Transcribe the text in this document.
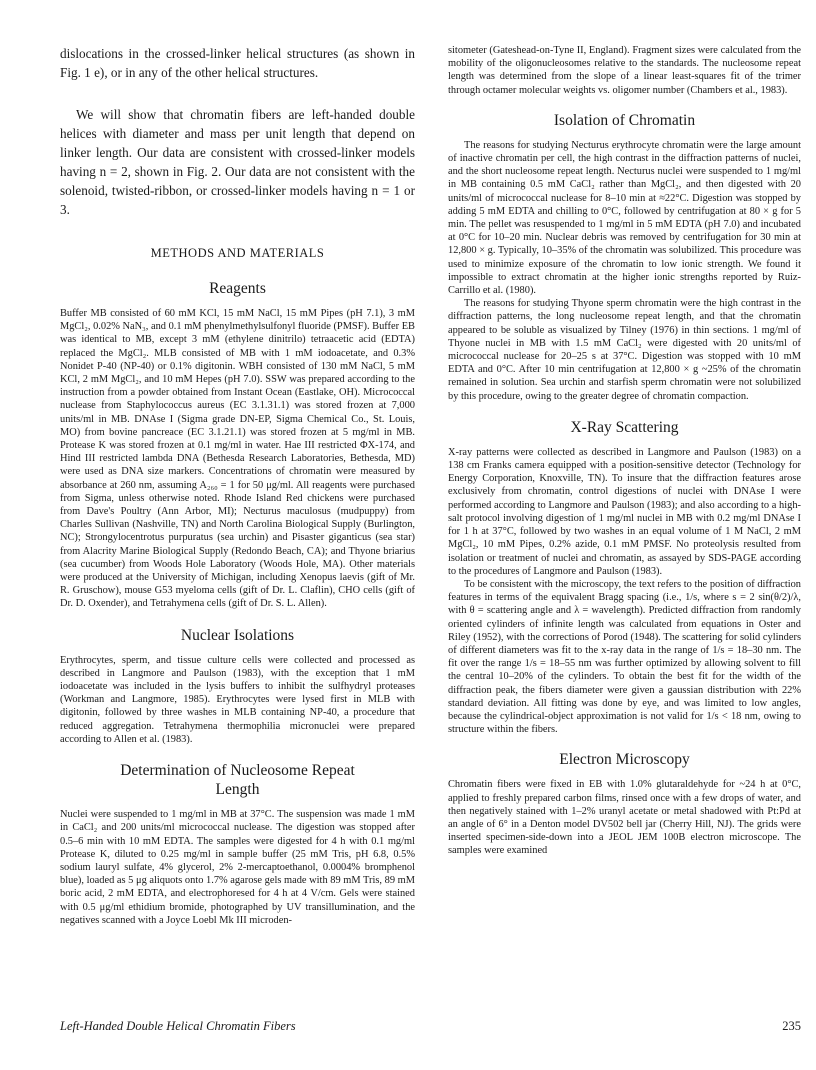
dislocations in the crossed-linker helical structures (as shown in Fig. 1 e), or in any of the other helical structures.

We will show that chromatin fibers are left-handed double helices with diameter and mass per unit length that depend on linker length. Our data are consistent with crossed-linker models having n = 2, shown in Fig. 2. Our data are not consistent with the solenoid, twisted-ribbon, or crossed-linker models having n = 1 or 3.

METHODS AND MATERIALS
Reagents

Buffer MB consisted of 60 mM KCl, 15 mM NaCl, 15 mM Pipes (pH 7.1), 3 mM MgCl₂, 0.02% NaN₃, and 0.1 mM phenylmethylsulfonyl fluoride (PMSF). Buffer EB was identical to MB, except 3 mM (ethylene dinitrilo) tetraacetic acid (EDTA) replaced the MgCl₂. MLB consisted of MB with 1 mM iodoacetate, and 0.3% Nonidet P-40 (NP-40) or 0.1% digitonin. WBH consisted of 130 mM NaCl, 5 mM KCl, 2 mM MgCl₂, and 10 mM Hepes (pH 7.0). SSW was prepared according to the instruction from a powder obtained from Instant Ocean (Eastlake, OH). Micrococcal nuclease from Staphylococcus aureus (EC 3.1.31.1) was stored frozen at 7,000 units/ml in MB. DNAse I (Sigma grade DN-EP, Sigma Chemical Co., St. Louis, MO) from bovine pancreace (EC 3.1.21.1) was stored frozen at 5 mg/ml in MB. Protease K was stored frozen at 0.1 mg/ml in water. Hae III restricted ΦX-174, and Hind III restricted lambda DNA (Bethesda Research Laboratories, Bethesda, MD) were used as DNA size markers. Concentrations of chromatin were measured by absorbance at 260 nm, assuming A₂₆₀ = 1 for 50 μg/ml. All reagents were purchased from Sigma, unless otherwise noted. Rhode Island Red chickens were purchased from Dave's Poultry (Ann Arbor, MI); Necturus maculosus (mudpuppy) from Charles Sullivan (Nashville, TN) and North Carolina Biological Supply (Burlington, NC); Strongylocentrotus purpuratus (sea urchin) and Pisaster giganticus (sea star) from Alacrity Marine Biological Supply (Redondo Beach, CA); and Thyone briarius (sea cucumber) from Woods Hole Laboratory (Woods Hole, MA). Other materials were produced at the University of Michigan, including Xenopus laevis (gift of Mr. R. Gruschow), mouse G53 myeloma cells (gift of Dr. L. Claflin), CHO cells (gift of Dr. D. Oxender), and Tetrahymena cells (gift of Dr. S. L. Allen).

Nuclear Isolations

Erythrocytes, sperm, and tissue culture cells were collected and processed as described in Langmore and Paulson (1983), with the exception that 1 mM iodoacetate was included in the lysis buffers to inhibit the sulfhydryl proteases (Workman and Langmore, 1985). Erythrocytes were lysed first in MLB with digitonin, followed by three washes in MLB containing NP-40, a procedure that reduced aggregation. Tetrahymena thermophilia micronuclei were prepared according to Allen et al. (1983).

Determination of Nucleosome Repeat
Length

Nuclei were suspended to 1 mg/ml in MB at 37°C. The suspension was made 1 mM in CaCl₂ and 200 units/ml micrococcal nuclease. The digestion was stopped after 0.5–6 min with 10 mM EDTA. The samples were digested for 4 h with 0.1 mg/ml Protease K, diluted to 0.25 mg/ml in sample buffer (25 mM Tris, pH 6.8, 0.5% sodium lauryl sulfate, 4% glycerol, 2% 2-mercaptoethanol, 0.0004% bromphenol blue), loaded as 5 μg aliquots onto 1.7% agarose gels made with 89 mM Tris, 89 mM boric acid, 2 mM EDTA, and electrophoresed for 4 h at 4 V/cm. Gels were stained with 0.5 μg/ml ethidium bromide, photographed by UV transillumination, and the negatives scanned with a Joyce Loebl Mk III microden-

sitometer (Gateshead-on-Tyne II, England). Fragment sizes were calculated from the mobility of the oligonucleosomes relative to the standards. The nucleosome repeat length was determined from the slope of a linear least-squares fit of the trimer through octamer molecular weights vs. oligomer number (Chambers et al., 1983).

Isolation of Chromatin

The reasons for studying Necturus erythrocyte chromatin were the large amount of inactive chromatin per cell, the high contrast in the diffraction patterns of nuclei, and the short nucleosome repeat length. Necturus nuclei were suspended to 1 mg/ml in MB containing 0.5 mM CaCl₂ rather than MgCl₂, and then digested with 20 units/ml of micrococcal nuclease for 8–10 min at ≈22°C. Digestion was stopped by adding 5 mM EDTA and chilling to 0°C, followed by centrifugation at 80 × g for 5 min. The pellet was resuspended to 1 mg/ml in 5 mM EDTA (pH 7.0) and incubated at 0°C for 10–20 min. Nuclear debris was removed by centrifugation for 30 min at 12,800 × g. Typically, 10–35% of the chromatin was solubilized. This procedure was used to minimize exposure of the chromatin to low ionic strength. We found it impossible to extract chromatin at the higher ionic strengths reported by Ruiz-Carrillo et al. (1980).

The reasons for studying Thyone sperm chromatin were the high contrast in the diffraction patterns, the long nucleosome repeat length, and that the chromatin appeared to be soluble as visualized by Tilney (1976) in thin sections. 1 mg/ml of Thyone nuclei in MB with 1.5 mM CaCl₂ were digested with 20 units/ml of micrococcal nuclease for 20–25 s at 37°C. Digestion was stopped with 10 mM EDTA and 0°C. After 10 min centrifugation at 12,800 × g ~25% of the chromatin remained in solution. Sea urchin and starfish sperm chromatin were not solubilized by this procedure, owing to the greater degree of chromatin compaction.

X-Ray Scattering

X-ray patterns were collected as described in Langmore and Paulson (1983) on a 138 cm Franks camera equipped with a position-sensitive detector (Technology for Energy Corporation, Knoxville, TN). To insure that the diffraction features arose exclusively from chromatin, control digestions of nuclei with DNAse I were performed according to Langmore and Paulson (1983); and also according to a high-salt protocol involving digestion of 1 mg/ml nuclei in MB with 0.2 mg/ml DNAse I for 1 h at 37°C, followed by two washes in an equal volume of 1 M NaCl, 2 mM MgCl₂, 10 mM Pipes, 0.2% azide, 0.1 mM PMSF. No proteolysis resulted from isolation or treatment of nuclei and chromatin, as assayed by SDS-PAGE according to the procedures of Langmore and Paulson (1983).

To be consistent with the microscopy, the text refers to the position of diffraction features in terms of the equivalent Bragg spacing (i.e., 1/s, where s = 2 sin(θ/2)/λ, with θ = scattering angle and λ = wavelength). Predicted diffraction from randomly oriented cylinders of infinite length was calculated from equations in Oster and Riley (1952), with the corrections of Porod (1948). The scattering for solid cylinders of different diameters was fit to the x-ray data in the range of 1/s = 18–30 nm. The fit over the range 1/s = 18–55 nm was further optimized by allowing solvent to fill the central 10–20% of the cylinders. To obtain the best fit for the width of the diffraction peak, the fibers diameter were given a gaussian distribution with 22% standard deviation. All fitting was done by eye, and was limited to low angles, because the cylindrical-object approximation is not valid for 1/s < 18 nm, owing to structure within the fibers.

Electron Microscopy

Chromatin fibers were fixed in EB with 1.0% glutaraldehyde for ~24 h at 0°C, applied to freshly prepared carbon films, rinsed once with a few drops of water, and then negatively stained with 1–2% uranyl acetate or metal shadowed with Pt:Pd at an angle of 6° in a Denton model DV502 bell jar (Cherry Hill, NJ). The grids were inserted specimen-side-down into a JEOL JEM 100B electron microscope. The samples were examined

Left-Handed Double Helical Chromatin Fibers	235
